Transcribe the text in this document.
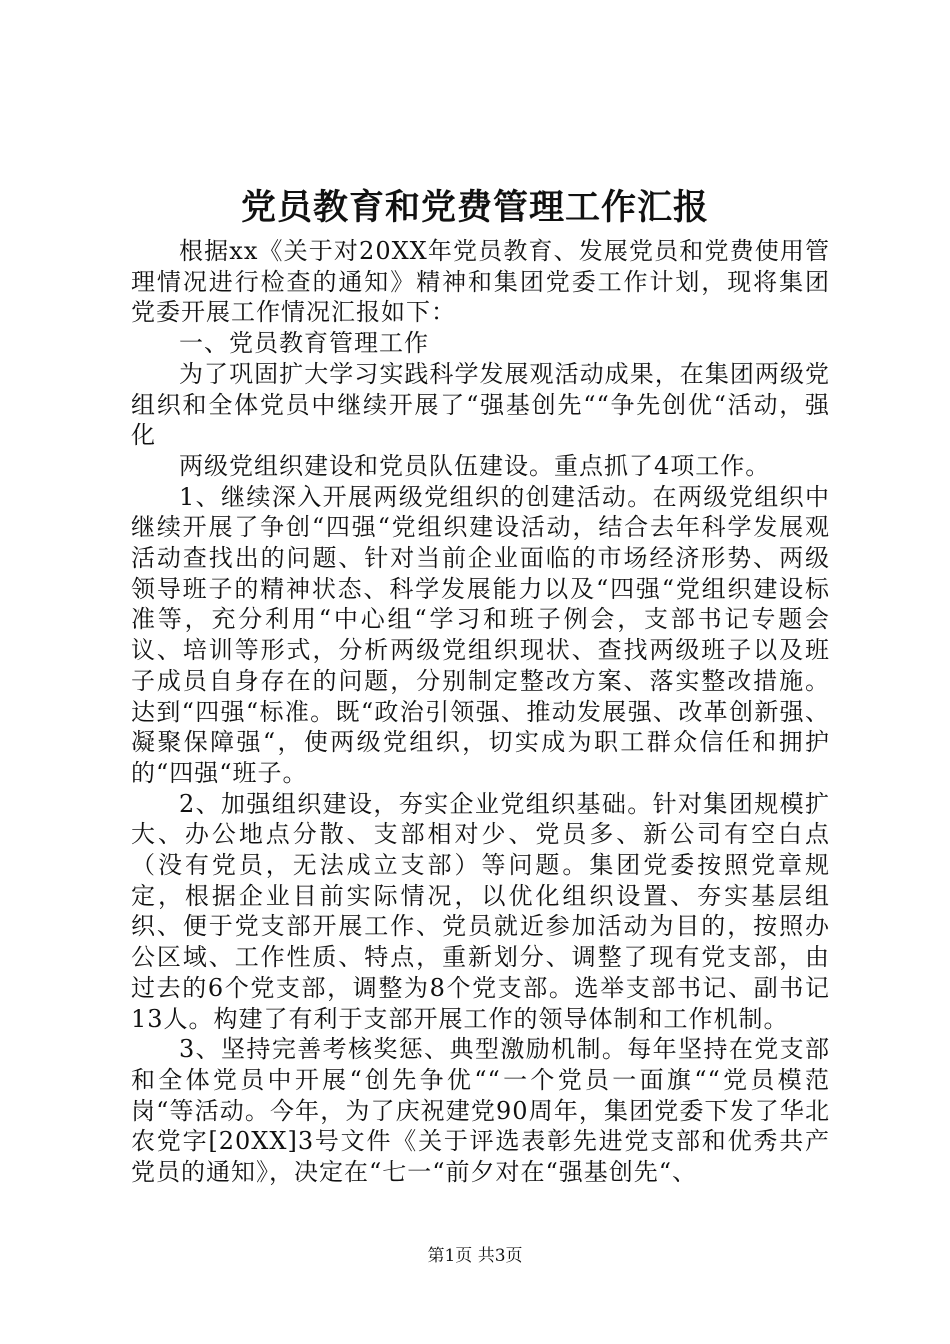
党员教育和党费管理工作汇报

根据xx《关于对20XX年党员教育、发展党员和党费使用管理情况进行检查的通知》精神和集团党委工作计划，现将集团党委开展工作情况汇报如下：

一、党员教育管理工作

为了巩固扩大学习实践科学发展观活动成果，在集团两级党组织和全体党员中继续开展了“强基创先““争先创优“活动，强化

两级党组织建设和党员队伍建设。重点抓了4项工作。

1、继续深入开展两级党组织的创建活动。在两级党组织中继续开展了争创“四强“党组织建设活动，结合去年科学发展观活动查找出的问题、针对当前企业面临的市场经济形势、两级领导班子的精神状态、科学发展能力以及“四强“党组织建设标准等，充分利用“中心组“学习和班子例会，支部书记专题会议、培训等形式，分析两级党组织现状、查找两级班子以及班子成员自身存在的问题，分别制定整改方案、落实整改措施。达到“四强“标准。既“政治引领强、推动发展强、改革创新强、凝聚保障强“，使两级党组织，切实成为职工群众信任和拥护的“四强“班子。

2、加强组织建设，夯实企业党组织基础。针对集团规模扩大、办公地点分散、支部相对少、党员多、新公司有空白点（没有党员，无法成立支部）等问题。集团党委按照党章规定，根据企业目前实际情况，以优化组织设置、夯实基层组织、便于党支部开展工作、党员就近参加活动为目的，按照办公区域、工作性质、特点，重新划分、调整了现有党支部，由过去的6个党支部，调整为8个党支部。选举支部书记、副书记13人。构建了有利于支部开展工作的领导体制和工作机制。

3、坚持完善考核奖惩、典型激励机制。每年坚持在党支部和全体党员中开展“创先争优““一个党员一面旗““党员模范岗“等活动。今年，为了庆祝建党90周年，集团党委下发了华北农党字[20XX]3号文件《关于评选表彰先进党支部和优秀共产党员的通知》，决定在“七一“前夕对在“强基创先“、

第1页 共3页
